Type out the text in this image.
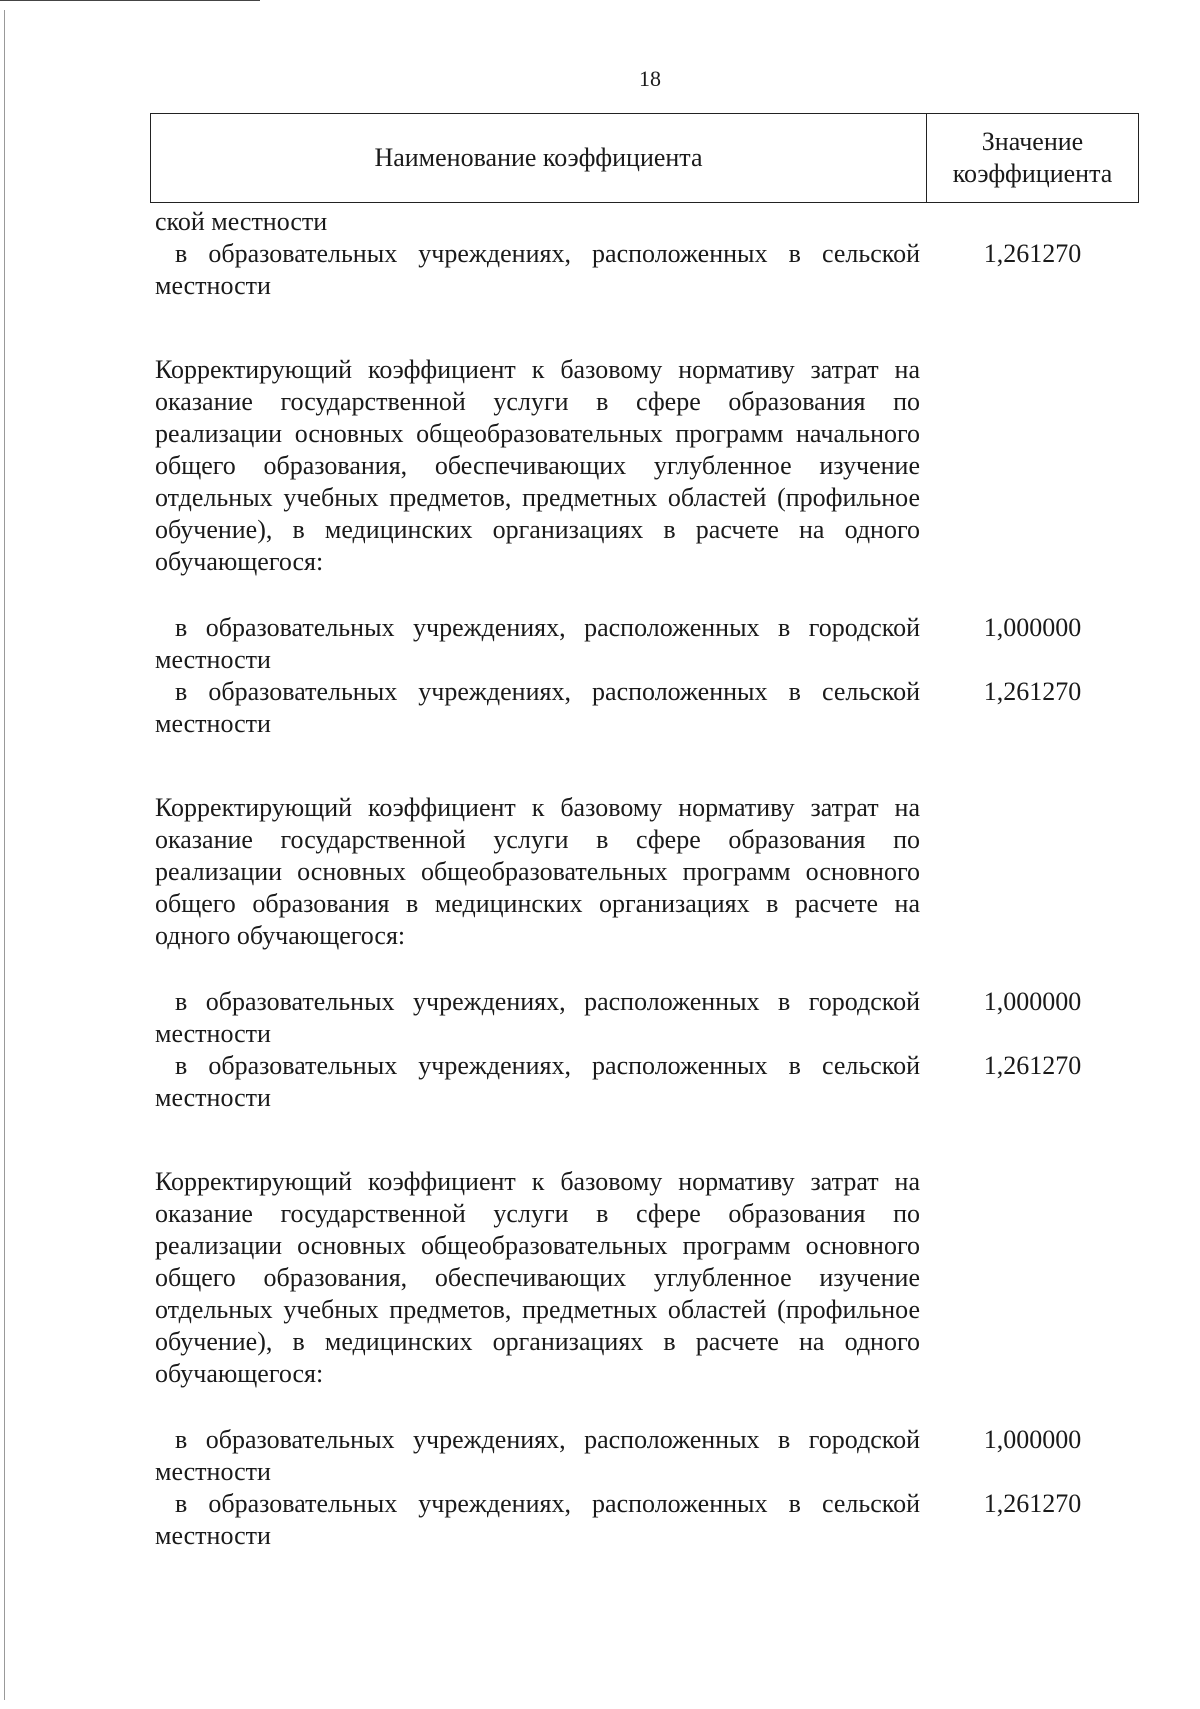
18
Наименование коэффициента
Значение
коэффициента
ской местности
в образовательных учреждениях, расположенных в сельской местности
1,261270
Корректирующий коэффициент к базовому нормативу затрат на оказание государственной услуги в сфере образования по реализации основных общеобразовательных программ начального общего образования, обеспечивающих углубленное изучение отдельных учебных предметов, предметных областей (профильное обучение), в медицинских организациях в расчете на одного обучающегося:
в образовательных учреждениях, расположенных в городской местности
1,000000
в образовательных учреждениях, расположенных в сельской местности
1,261270
Корректирующий коэффициент к базовому нормативу затрат на оказание государственной услуги в сфере образования по реализации основных общеобразовательных программ основного общего образования в медицинских организациях в расчете на одного обучающегося:
в образовательных учреждениях, расположенных в городской местности
1,000000
в образовательных учреждениях, расположенных в сельской местности
1,261270
Корректирующий коэффициент к базовому нормативу затрат на оказание государственной услуги в сфере образования по реализации основных общеобразовательных программ основного общего образования, обеспечивающих углубленное изучение отдельных учебных предметов, предметных областей (профильное обучение), в медицинских организациях в расчете на одного обучающегося:
в образовательных учреждениях, расположенных в городской местности
1,000000
в образовательных учреждениях, расположенных в сельской местности
1,261270
